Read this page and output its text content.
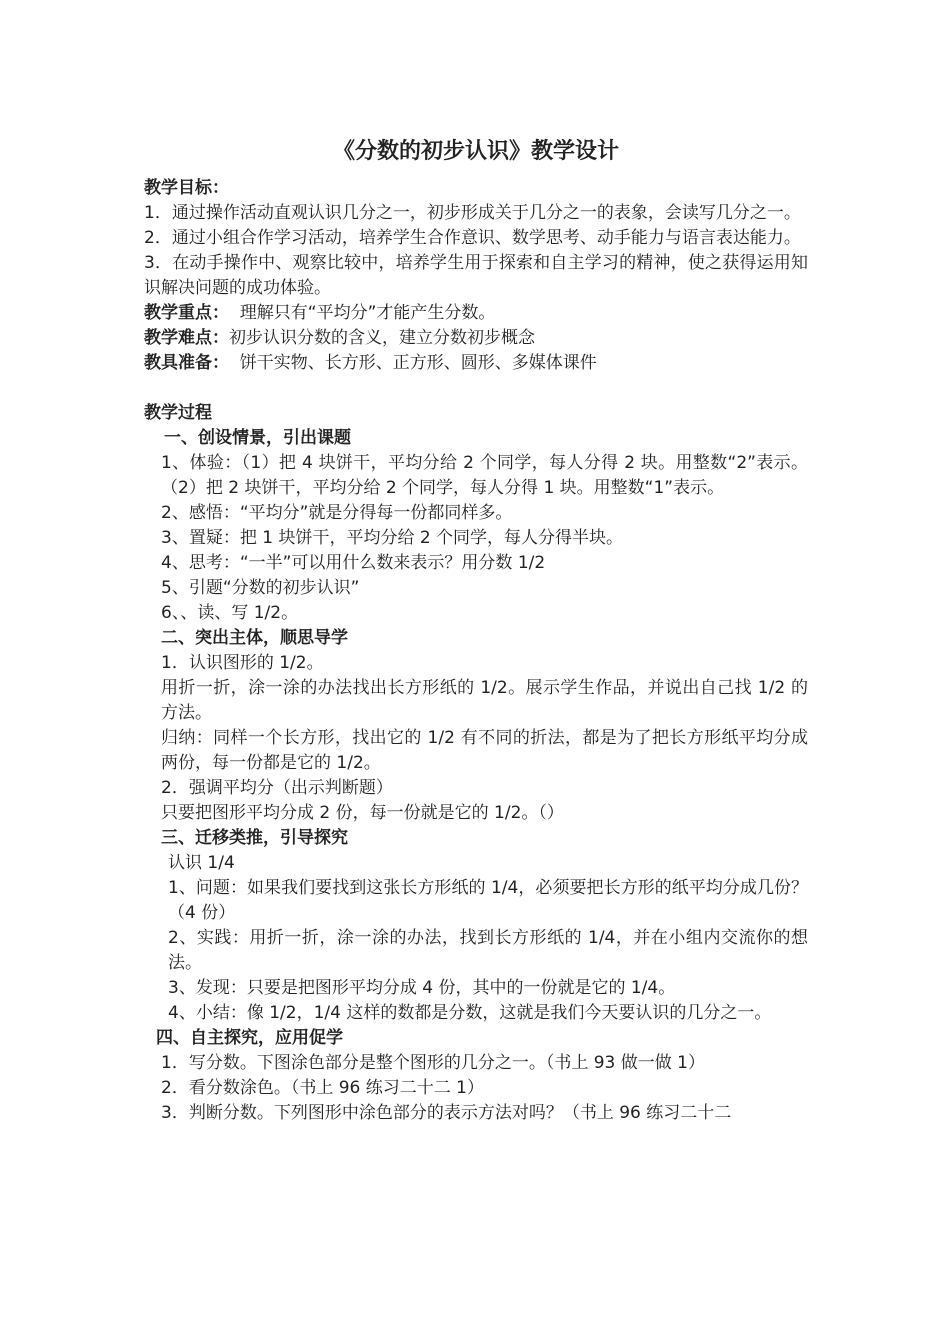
《分数的初步认识》教学设计

教学目标：

1．通过操作活动直观认识几分之一，初步形成关于几分之一的表象，会读写几分之一。

2．通过小组合作学习活动，培养学生合作意识、数学思考、动手能力与语言表达能力。

3．在动手操作中、观察比较中，培养学生用于探索和自主学习的精神，使之获得运用知识解决问题的成功体验。

教学重点：  理解只有“平均分”才能产生分数。

教学难点：初步认识分数的含义，建立分数初步概念

教具准备：  饼干实物、长方形、正方形、圆形、多媒体课件

教学过程

一、创设情景，引出课题

1、体验：（1）把 4 块饼干，平均分给 2 个同学，每人分得 2 块。用整数“2”表示。（2）把 2 块饼干，平均分给 2 个同学，每人分得 1 块。用整数“1”表示。

2、感悟：“平均分”就是分得每一份都同样多。

3、置疑：把 1 块饼干，平均分给 2 个同学，每人分得半块。

4、思考：“一半”可以用什么数来表示？用分数 1/2

5、引题“分数的初步认识”

6、、读、写 1/2。

二、突出主体，顺思导学

1．认识图形的 1/2。

用折一折，涂一涂的办法找出长方形纸的 1/2。展示学生作品，并说出自己找 1/2 的方法。

归纳：同样一个长方形，找出它的 1/2 有不同的折法，都是为了把长方形纸平均分成两份，每一份都是它的 1/2。

2．强调平均分（出示判断题）

只要把图形平均分成 2 份，每一份就是它的 1/2。（）

三、迁移类推，引导探究

认识 1/4

1、问题：如果我们要找到这张长方形纸的 1/4，必须要把长方形的纸平均分成几份？（4 份）

2、实践：用折一折，涂一涂的办法，找到长方形纸的 1/4，并在小组内交流你的想法。

3、发现：只要是把图形平均分成 4 份，其中的一份就是它的 1/4。

4、小结：像 1/2，1/4 这样的数都是分数，这就是我们今天要认识的几分之一。

四、自主探究，应用促学

1．写分数。下图涂色部分是整个图形的几分之一。（书上 93 做一做 1）

2．看分数涂色。（书上 96 练习二十二 1）

3．判断分数。下列图形中涂色部分的表示方法对吗？（书上 96 练习二十二
